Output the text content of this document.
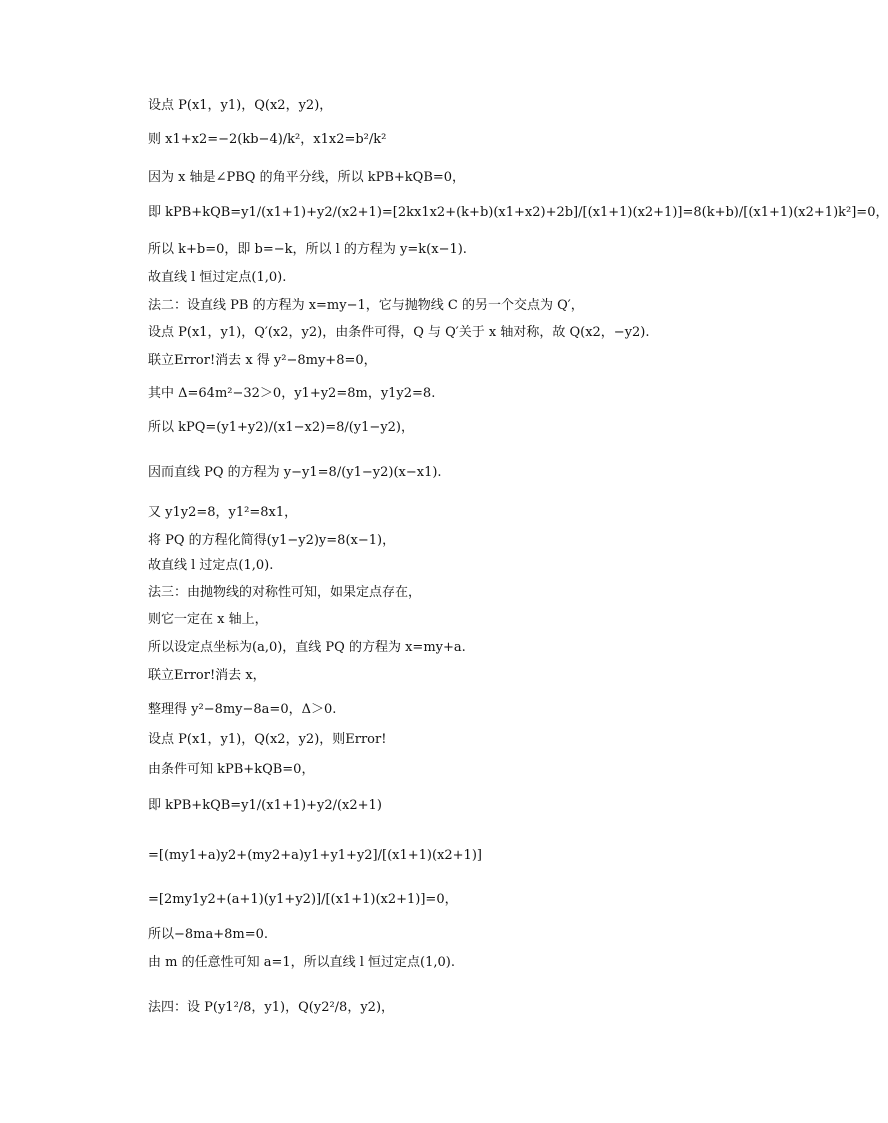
设点 P(x1，y1)，Q(x2，y2)，
则 x1+x2=−2(kb−4)/k²，x1x2=b²/k²
因为 x 轴是∠PBQ 的角平分线，所以 kPB+kQB=0，
即 kPB+kQB=y1/(x1+1)+y2/(x2+1)=[2kx1x2+(k+b)(x1+x2)+2b]/[(x1+1)(x2+1)]=8(k+b)/[(x1+1)(x2+1)k²]=0，
所以 k+b=0，即 b=−k，所以 l 的方程为 y=k(x−1).
故直线 l 恒过定点(1,0).
法二：设直线 PB 的方程为 x=my−1，它与抛物线 C 的另一个交点为 Q′，
设点 P(x1，y1)，Q′(x2，y2)，由条件可得，Q 与 Q′关于 x 轴对称，故 Q(x2，−y2).
联立Error!消去 x 得 y²−8my+8=0，
其中 Δ=64m²−32＞0，y1+y2=8m，y1y2=8.
所以 kPQ=(y1+y2)/(x1−x2)=8/(y1−y2)，
因而直线 PQ 的方程为 y−y1=8/(y1−y2)(x−x1).
又 y1y2=8，y1²=8x1，
将 PQ 的方程化简得(y1−y2)y=8(x−1)，
故直线 l 过定点(1,0).
法三：由抛物线的对称性可知，如果定点存在，
则它一定在 x 轴上，
所以设定点坐标为(a,0)，直线 PQ 的方程为 x=my+a.
联立Error!消去 x，
整理得 y²−8my−8a=0，Δ＞0.
设点 P(x1，y1)，Q(x2，y2)，则Error!
由条件可知 kPB+kQB=0，
即 kPB+kQB=y1/(x1+1)+y2/(x2+1)
=[(my1+a)y2+(my2+a)y1+y1+y2]/[(x1+1)(x2+1)]
=[2my1y2+(a+1)(y1+y2)]/[(x1+1)(x2+1)]=0，
所以−8ma+8m=0.
由 m 的任意性可知 a=1，所以直线 l 恒过定点(1,0).
法四：设 P(y1²/8，y1)，Q(y2²/8，y2)，
